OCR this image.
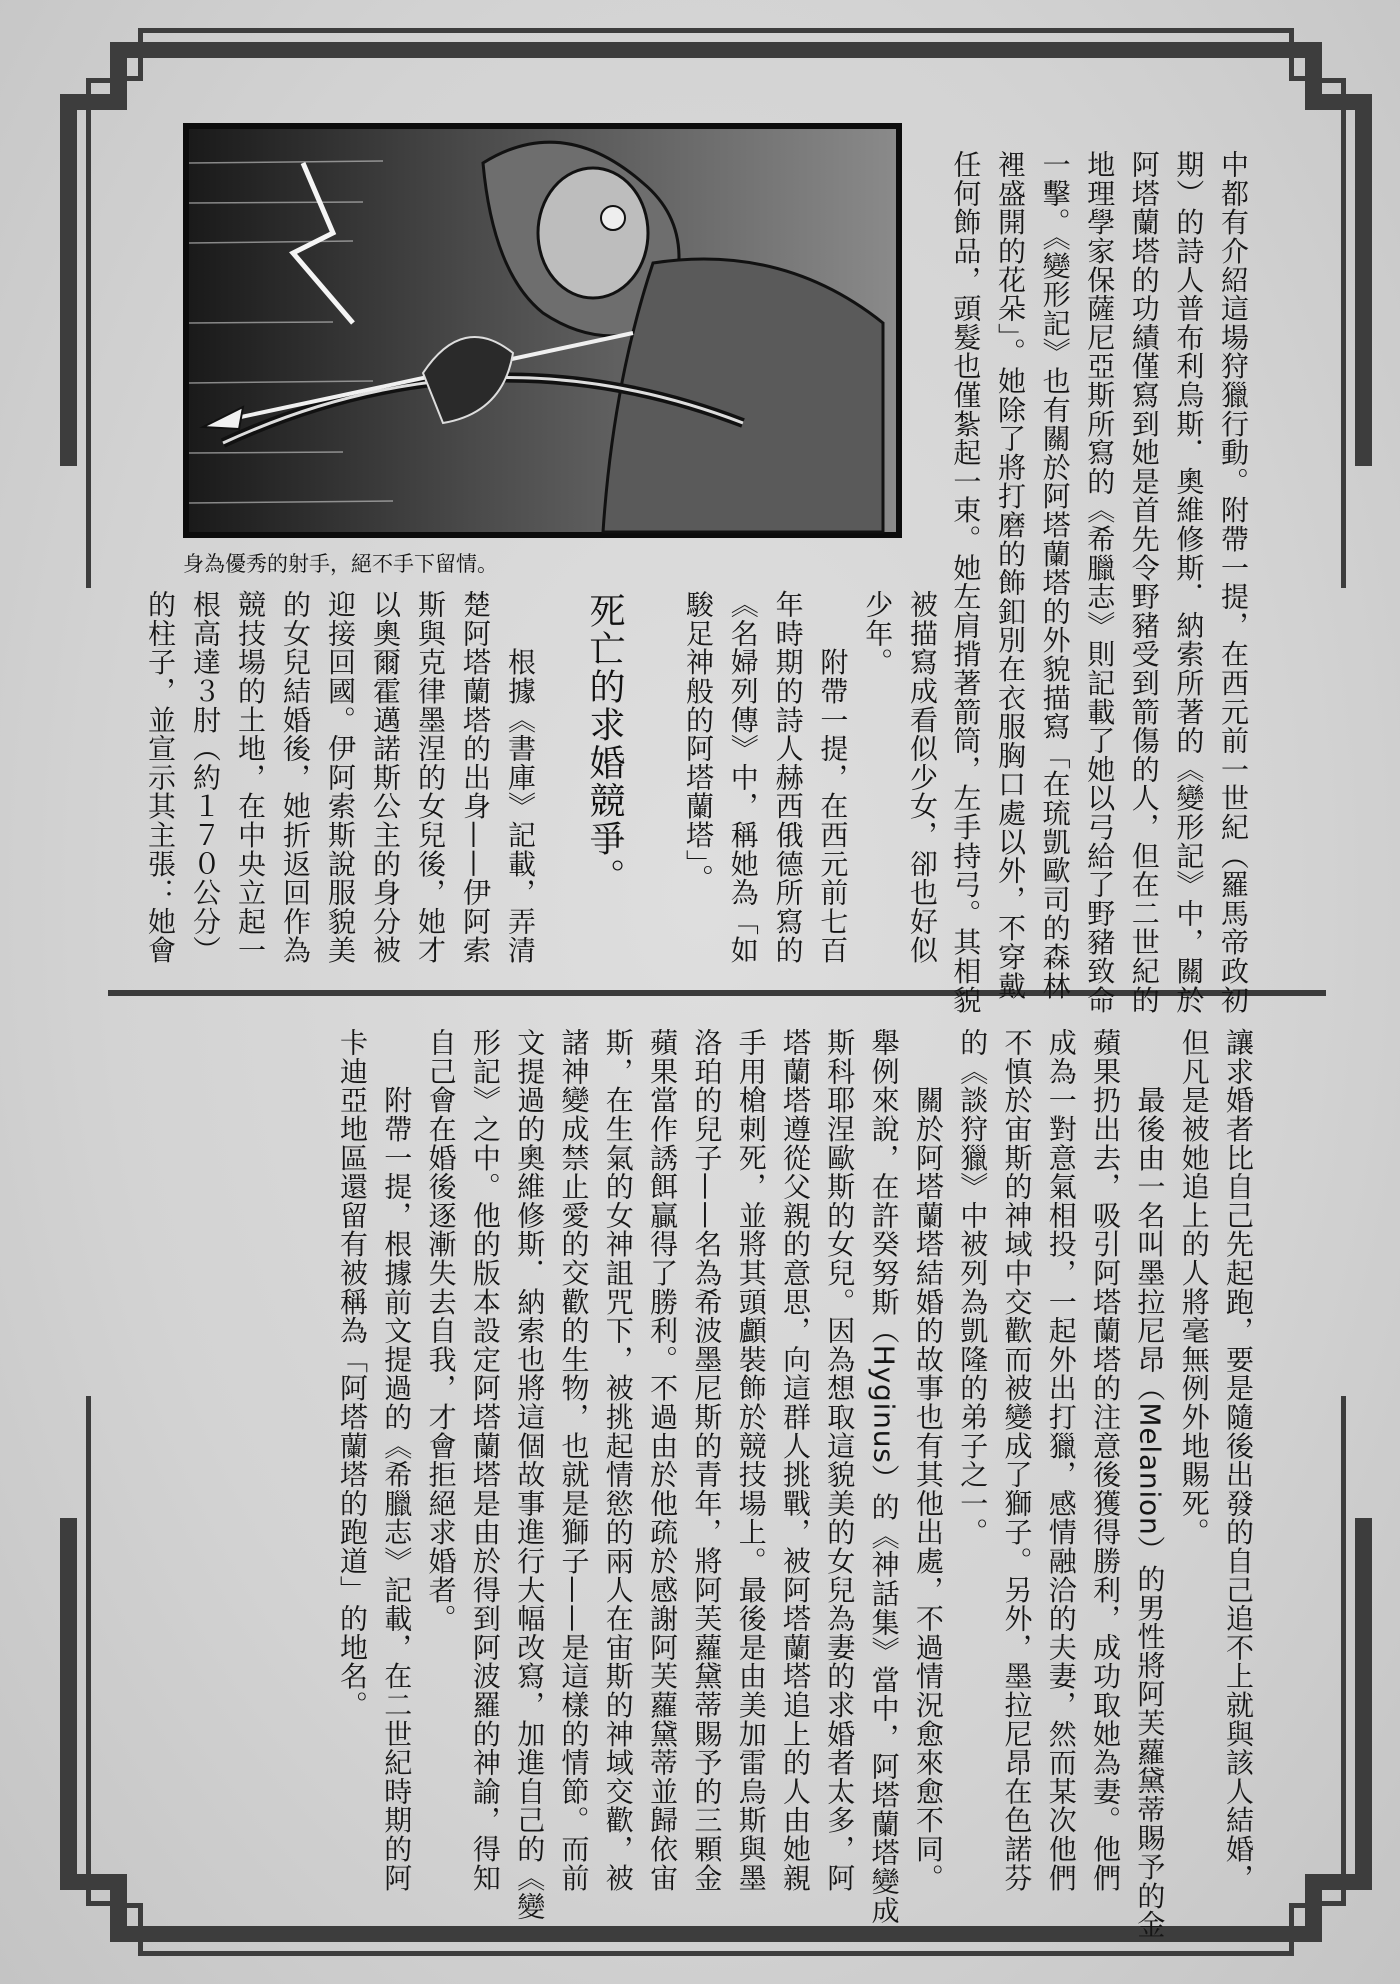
身為優秀的射手，絕不手下留情。
死亡的求婚競爭。	中都有介紹這場狩獵行動。附帶一提，在西元前一世紀（羅馬帝政初
期）的詩人普布利烏斯．奧維修斯．納索所著的《變形記》中，關於
阿塔蘭塔的功績僅寫到她是首先令野豬受到箭傷的人，但在二世紀的
地理學家保薩尼亞斯所寫的《希臘志》則記載了她以弓給了野豬致命
一擊。《變形記》也有關於阿塔蘭塔的外貌描寫「在琉凱歐司的森林
裡盛開的花朵」。她除了將打磨的飾釦別在衣服胸口處以外，不穿戴
任何飾品，頭髮也僅紮起一束。她左肩揹著箭筒，左手持弓。其相貌
被描寫成看似少女，卻也好似
少年。
　　附帶一提，在西元前七百
年時期的詩人赫西俄德所寫的
《名婦列傳》中，稱她為「如
駿足神般的阿塔蘭塔」。
　　根據《書庫》記載，弄清
楚阿塔蘭塔的出身——伊阿索
斯與克律墨涅的女兒後，她才
以奧爾霍邁諾斯公主的身分被
迎接回國。伊阿索斯說服貌美
的女兒結婚後，她折返回作為
競技場的土地，在中央立起一
根高達３肘（約１７０公分）
的柱子，並宣示其主張：她會
讓求婚者比自己先起跑，要是隨後出發的自己追不上就與該人結婚，
但凡是被她追上的人將毫無例外地賜死。
　　最後由一名叫墨拉尼昂（Melanion）的男性將阿芙蘿黛蒂賜予的金
蘋果扔出去，吸引阿塔蘭塔的注意後獲得勝利，成功取她為妻。他們
成為一對意氣相投，一起外出打獵，感情融洽的夫妻，然而某次他們
不慎於宙斯的神域中交歡而被變成了獅子。另外，墨拉尼昂在色諾芬
的《談狩獵》中被列為凱隆的弟子之一。
　　關於阿塔蘭塔結婚的故事也有其他出處，不過情況愈來愈不同。
舉例來說，在許癸努斯（Hyginus）的《神話集》當中，阿塔蘭塔變成
斯科耶涅歐斯的女兒。因為想取這貌美的女兒為妻的求婚者太多，阿
塔蘭塔遵從父親的意思，向這群人挑戰，被阿塔蘭塔追上的人由她親
手用槍刺死，並將其頭顱裝飾於競技場上。最後是由美加雷烏斯與墨
洛珀的兒子——名為希波墨尼斯的青年，將阿芙蘿黛蒂賜予的三顆金
蘋果當作誘餌贏得了勝利。不過由於他疏於感謝阿芙蘿黛蒂並歸依宙
斯，在生氣的女神詛咒下，被挑起情慾的兩人在宙斯的神域交歡，被
諸神變成禁止愛的交歡的生物，也就是獅子——是這樣的情節。而前
文提過的奧維修斯．納索也將這個故事進行大幅改寫，加進自己的《變
形記》之中。他的版本設定阿塔蘭塔是由於得到阿波羅的神諭，得知
自己會在婚後逐漸失去自我，才會拒絕求婚者。
　　附帶一提，根據前文提過的《希臘志》記載，在二世紀時期的阿
卡迪亞地區還留有被稱為「阿塔蘭塔的跑道」的地名。
